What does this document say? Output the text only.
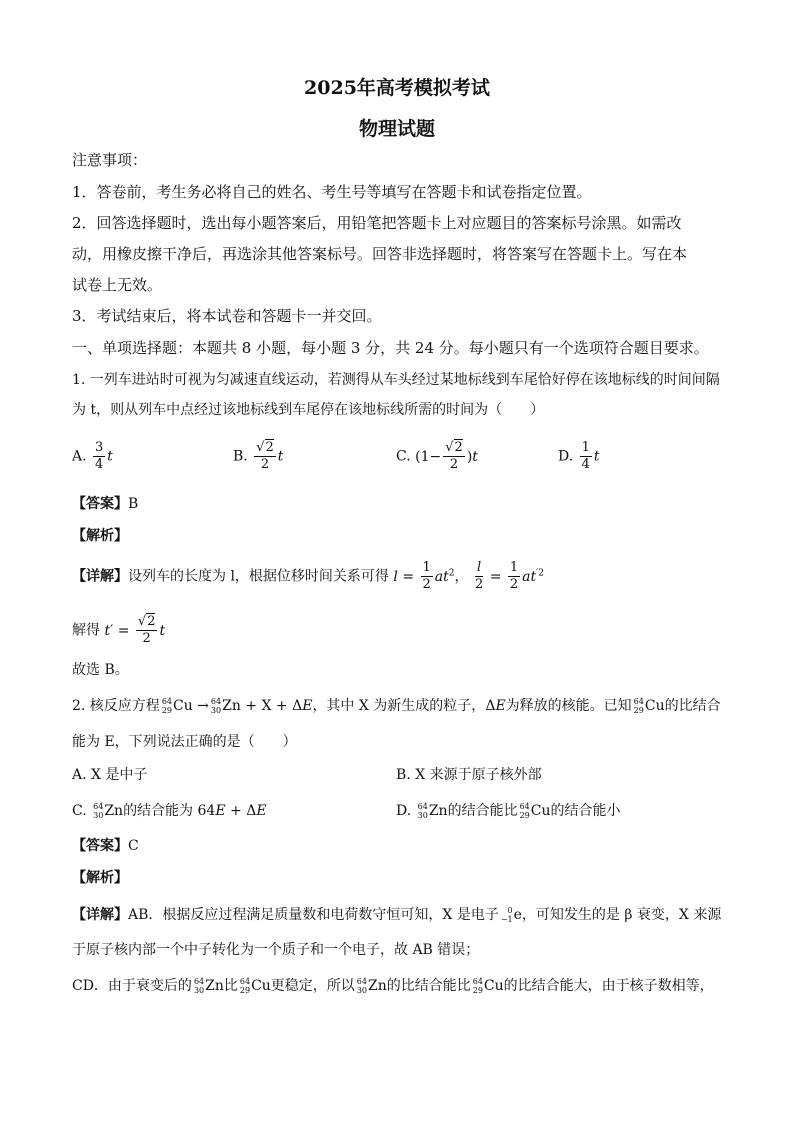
2025年高考模拟考试
物理试题
注意事项：
1．答卷前，考生务必将自己的姓名、考生号等填写在答题卡和试卷指定位置。
2．回答选择题时，选出每小题答案后，用铅笔把答题卡上对应题目的答案标号涂黑。如需改
动，用橡皮擦干净后，再选涂其他答案标号。回答非选择题时，将答案写在答题卡上。写在本
试卷上无效。
3．考试结束后，将本试卷和答题卡一并交回。
一、单项选择题：本题共 8 小题，每小题 3 分，共 24 分。每小题只有一个选项符合题目要求。
1. 一列车进站时可视为匀减速直线运动，若测得从车头经过某地标线到车尾恰好停在该地标线的时间间隔
为 t，则从列车中点经过该地标线到车尾停在该地标线所需的时间为（　　）
A. $\frac{3}{4}$ t	B. $\frac{√2}{2}$ t	C. $(1- \frac{√2}{2} )t$	D. $\frac{1}{4}$ t
【答案】B
【解析】
【详解】设列车的长度为 l，根据位移时间关系可得 $l = \frac{1}{2} at^2$， $\frac{l}{2} = \frac{1}{2} at^{'2}$
解得 $t' = \frac{√2}{2}$ t
故选 B。
2. 核反应方程 64
29 Cu → 64
30 Zn + X + ΔE，其中 X 为新生成的粒子，ΔE为释放的核能。已知 64
29 Cu的比结合
能为 E，下列说法正确的是（　　）
A. X 是中子	B. X 来源于原子核外部
C. 64
30 Zn的结合能为 64E + ΔE	D. 64
30 Zn的结合能比 64
29 Cu的结合能小
【答案】C
【解析】
【详解】AB．根据反应过程满足质量数和电荷数守恒可知，X 是电子	0
−1 e，可知发生的是 β 衰变，X 来源
于原子核内部一个中子转化为一个质子和一个电子，故 AB 错误；
CD．由于衰变后的 64
30 Zn比 64
29 Cu更稳定，所以 64
30 Zn的比结合能比 64
29 Cu的比结合能大，由于核子数相等，
